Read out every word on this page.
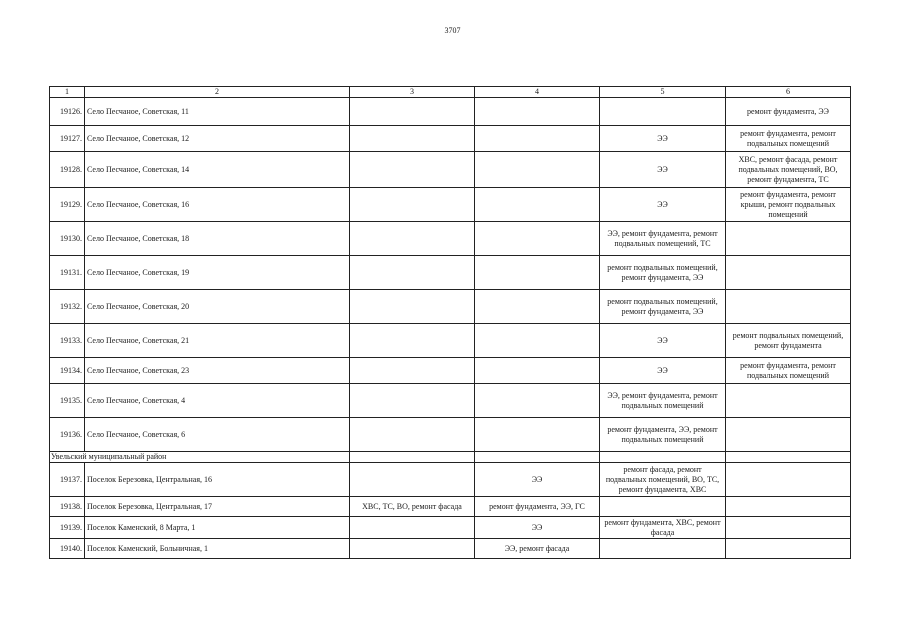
3707
1	2	3	4	5	6
19126.	Село Песчаное, Советская, 11				ремонт фундамента, ЭЭ
19127.	Село Песчаное, Советская, 12			ЭЭ	ремонт фундамента, ремонт подвальных помещений
19128.	Село Песчаное, Советская, 14			ЭЭ	ХВС, ремонт фасада, ремонт подвальных помещений, ВО, ремонт фундамента, ТС
19129.	Село Песчаное, Советская, 16			ЭЭ	ремонт фундамента, ремонт крыши, ремонт подвальных помещений
19130.	Село Песчаное, Советская, 18			ЭЭ, ремонт фундамента, ремонт подвальных помещений, ТС	
19131.	Село Песчаное, Советская, 19			ремонт подвальных помещений, ремонт фундамента, ЭЭ	
19132.	Село Песчаное, Советская, 20			ремонт подвальных помещений, ремонт фундамента, ЭЭ	
19133.	Село Песчаное, Советская, 21			ЭЭ	ремонт подвальных помещений, ремонт фундамента
19134.	Село Песчаное, Советская, 23			ЭЭ	ремонт фундамента, ремонт подвальных помещений
19135.	Село Песчаное, Советская, 4			ЭЭ, ремонт фундамента, ремонт подвальных помещений	
19136.	Село Песчаное, Советская, 6			ремонт фундамента, ЭЭ, ремонт подвальных помещений	
Увельский муниципальный район					
19137.	Поселок Березовка, Центральная, 16		ЭЭ	ремонт фасада, ремонт подвальных помещений, ВО, ТС, ремонт фундамента, ХВС	
19138.	Поселок Березовка, Центральная, 17	ХВС, ТС, ВО, ремонт фасада	ремонт фундамента, ЭЭ, ГС		
19139.	Поселок Каменский, 8 Марта, 1		ЭЭ	ремонт фундамента, ХВС, ремонт фасада	
19140.	Поселок Каменский, Больничная, 1		ЭЭ, ремонт фасада		
